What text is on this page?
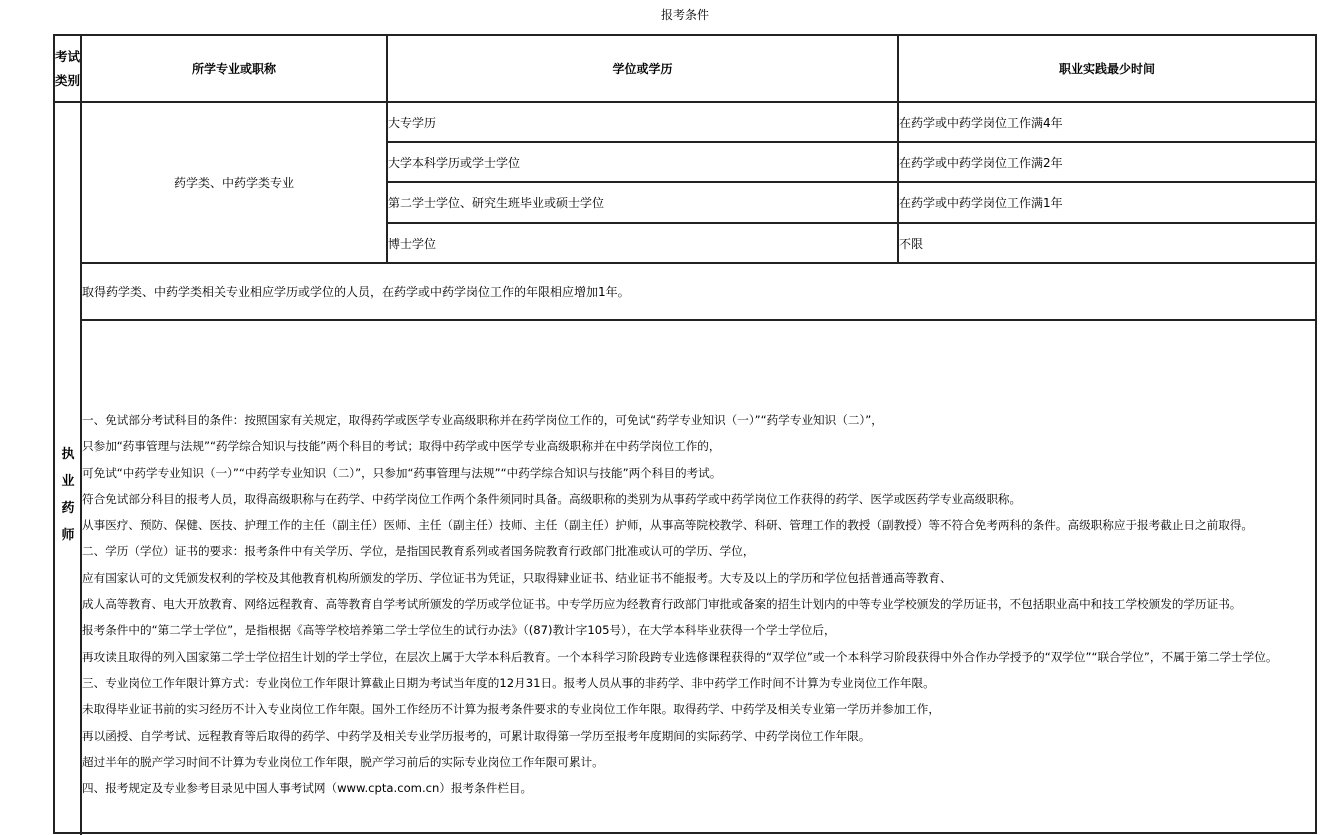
报考条件
考试类别
所学专业或职称	学位或学历	职业实践最少时间
执业药师
药学类、中药学类专业
大专学历	在药学或中药学岗位工作满4年
大学本科学历或学士学位	在药学或中药学岗位工作满2年
第二学士学位、研究生班毕业或硕士学位	在药学或中药学岗位工作满1年
博士学位	不限
取得药学类、中药学类相关专业相应学历或学位的人员，在药学或中药学岗位工作的年限相应增加1年。
一、免试部分考试科目的条件：按照国家有关规定，取得药学或医学专业高级职称并在药学岗位工作的，可免试“药学专业知识（一）”“药学专业知识（二）”，
只参加“药事管理与法规”“药学综合知识与技能”两个科目的考试；取得中药学或中医学专业高级职称并在中药学岗位工作的，
可免试“中药学专业知识（一）”“中药学专业知识（二）”，只参加“药事管理与法规”“中药学综合知识与技能”两个科目的考试。
符合免试部分科目的报考人员，取得高级职称与在药学、中药学岗位工作两个条件须同时具备。高级职称的类别为从事药学或中药学岗位工作获得的药学、医学或医药学专业高级职称。
从事医疗、预防、保健、医技、护理工作的主任（副主任）医师、主任（副主任）技师、主任（副主任）护师，从事高等院校教学、科研、管理工作的教授（副教授）等不符合免考两科的条件。高级职称应于报考截止日之前取得。
二、学历（学位）证书的要求：报考条件中有关学历、学位，是指国民教育系列或者国务院教育行政部门批准或认可的学历、学位，
应有国家认可的文凭颁发权利的学校及其他教育机构所颁发的学历、学位证书为凭证，只取得肄业证书、结业证书不能报考。大专及以上的学历和学位包括普通高等教育、
成人高等教育、电大开放教育、网络远程教育、高等教育自学考试所颁发的学历或学位证书。中专学历应为经教育行政部门审批或备案的招生计划内的中等专业学校颁发的学历证书，不包括职业高中和技工学校颁发的学历证书。
报考条件中的“第二学士学位”，是指根据《高等学校培养第二学士学位生的试行办法》（(87)教计字105号），在大学本科毕业获得一个学士学位后，
再攻读且取得的列入国家第二学士学位招生计划的学士学位，在层次上属于大学本科后教育。一个本科学习阶段跨专业选修课程获得的“双学位”或一个本科学习阶段获得中外合作办学授予的“双学位”“联合学位”，不属于第二学士学位。
三、专业岗位工作年限计算方式：专业岗位工作年限计算截止日期为考试当年度的12月31日。报考人员从事的非药学、非中药学工作时间不计算为专业岗位工作年限。
未取得毕业证书前的实习经历不计入专业岗位工作年限。国外工作经历不计算为报考条件要求的专业岗位工作年限。取得药学、中药学及相关专业第一学历并参加工作，
再以函授、自学考试、远程教育等后取得的药学、中药学及相关专业学历报考的，可累计取得第一学历至报考年度期间的实际药学、中药学岗位工作年限。
超过半年的脱产学习时间不计算为专业岗位工作年限，脱产学习前后的实际专业岗位工作年限可累计。
四、报考规定及专业参考目录见中国人事考试网（www.cpta.com.cn）报考条件栏目。
